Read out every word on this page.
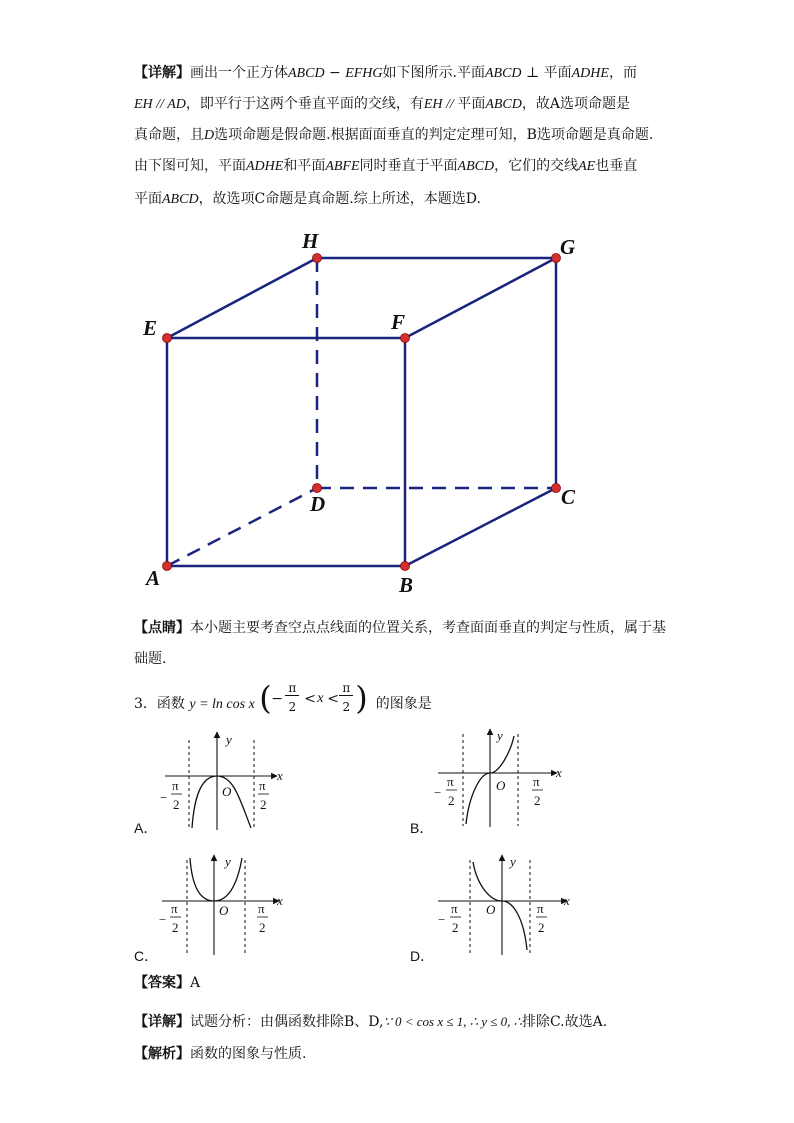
【详解】画出一个正方体ABCD − EFHG如下图所示.平面ABCD ⊥ 平面ADHE，而
EH // AD，即平行于这两个垂直平面的交线，有EH // 平面ABCD，故A选项命题是
真命题，且D选项命题是假命题.根据面面垂直的判定定理可知，B选项命题是真命题.
由下图可知，平面ADHE和平面ABFE同时垂直于平面ABCD，它们的交线AE也垂直
平面ABCD，故选项C命题是真命题.综上所述，本题选D.
H	G
E	F
D	C
A	B
【点睛】本小题主要考查空点点线面的位置关系，考查面面垂直的判定与性质，属于基
础题.
3．函数 y = ln cos x ( −
π
2 < x <
π
2 ) 的图象是
y
x
O
−
π
2
π
2
y
x
O
−
π
2
π
2
y
x
O
−
π
2
π
2
y
x
O
−
π
2
π
2
A．	B．
C．	D．
【答案】A
【详解】试题分析：由偶函数排除B、D,∵ 0 < cos x ≤ 1, ∴ y ≤ 0, ∴排除C.故选A.
【解析】函数的图象与性质.
